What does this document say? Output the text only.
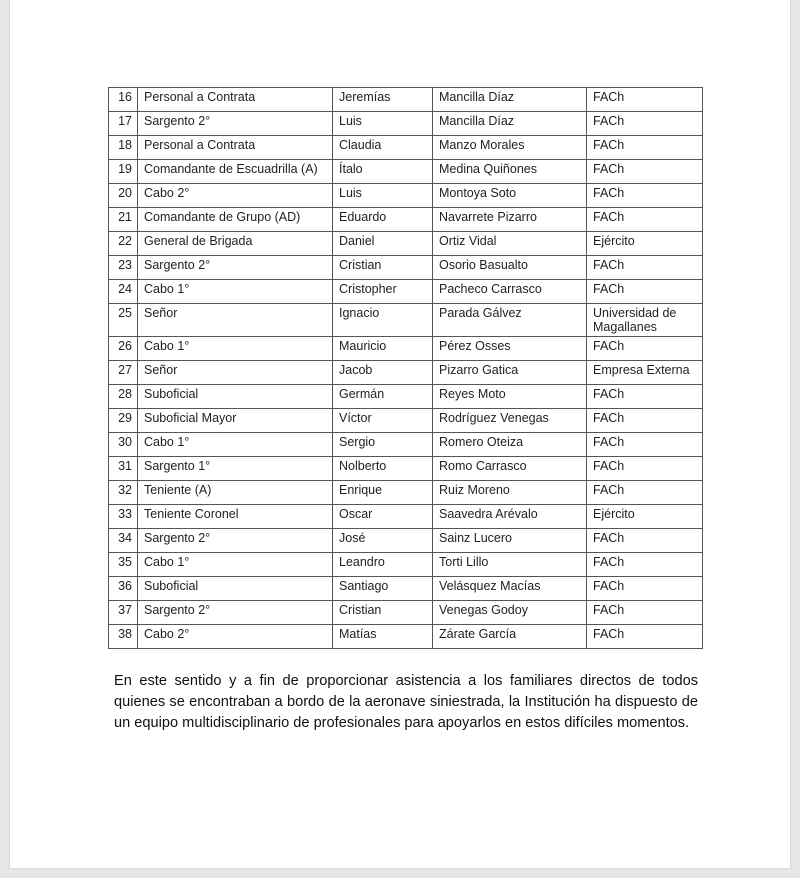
16	Personal a Contrata	Jeremías	Mancilla Díaz	FACh
17	Sargento 2°	Luis	Mancilla Díaz	FACh
18	Personal a Contrata	Claudia	Manzo Morales	FACh
19	Comandante de Escuadrilla (A)	Ítalo	Medina Quiñones	FACh
20	Cabo 2°	Luis	Montoya Soto	FACh
21	Comandante de Grupo (AD)	Eduardo	Navarrete Pizarro	FACh
22	General de Brigada	Daniel	Ortiz Vidal	Ejército
23	Sargento 2°	Cristian	Osorio Basualto	FACh
24	Cabo 1°	Cristopher	Pacheco Carrasco	FACh
25	Señor	Ignacio	Parada Gálvez	Universidad de Magallanes
26	Cabo 1°	Mauricio	Pérez Osses	FACh
27	Señor	Jacob	Pizarro Gatica	Empresa Externa
28	Suboficial	Germán	Reyes Moto	FACh
29	Suboficial Mayor	Víctor	Rodríguez Venegas	FACh
30	Cabo 1°	Sergio	Romero Oteiza	FACh
31	Sargento 1°	Nolberto	Romo Carrasco	FACh
32	Teniente (A)	Enrique	Ruiz Moreno	FACh
33	Teniente Coronel	Oscar	Saavedra Arévalo	Ejército
34	Sargento 2°	José	Sainz Lucero	FACh
35	Cabo 1°	Leandro	Torti Lillo	FACh
36	Suboficial	Santiago	Velásquez Macías	FACh
37	Sargento 2°	Cristian	Venegas Godoy	FACh
38	Cabo 2°	Matías	Zárate García	FACh

En este sentido y a fin de proporcionar asistencia a los familiares directos de todos quienes se encontraban a bordo de la aeronave siniestrada, la Institución ha dispuesto de un equipo multidisciplinario de profesionales para apoyarlos en estos difíciles momentos.
